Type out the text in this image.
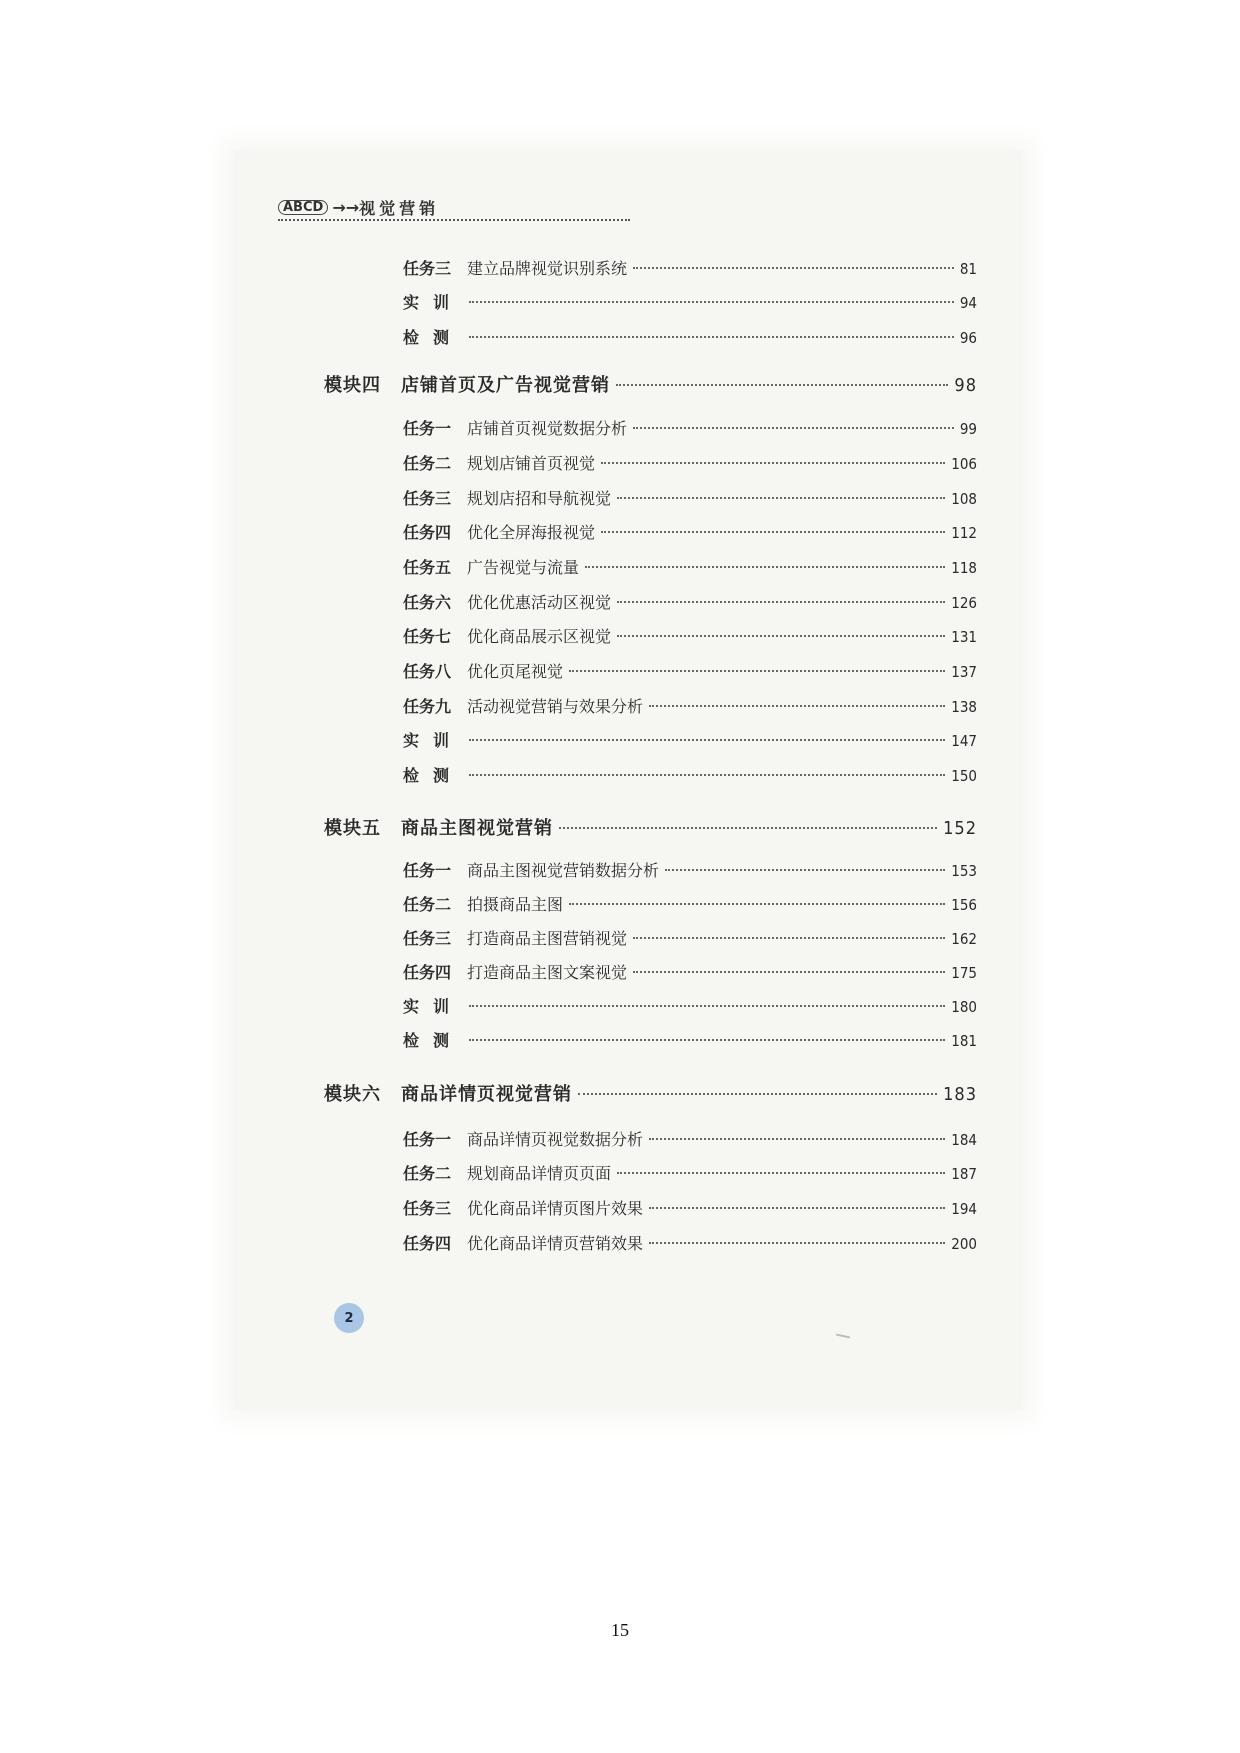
ABCD →→ 视觉营销
任务三 建立品牌视觉识别系统	81
实训	94
检测	96
模块四 店铺首页及广告视觉营销	98
任务一 店铺首页视觉数据分析	99
任务二 规划店铺首页视觉	106
任务三 规划店招和导航视觉	108
任务四 优化全屏海报视觉	112
任务五 广告视觉与流量	118
任务六 优化优惠活动区视觉	126
任务七 优化商品展示区视觉	131
任务八 优化页尾视觉	137
任务九 活动视觉营销与效果分析	138
实训	147
检测	150
模块五 商品主图视觉营销	152
任务一 商品主图视觉营销数据分析	153
任务二 拍摄商品主图	156
任务三 打造商品主图营销视觉	162
任务四 打造商品主图文案视觉	175
实训	180
检测	181
模块六 商品详情页视觉营销	183
任务一 商品详情页视觉数据分析	184
任务二 规划商品详情页页面	187
任务三 优化商品详情页图片效果	194
任务四 优化商品详情页营销效果	200
2
15
